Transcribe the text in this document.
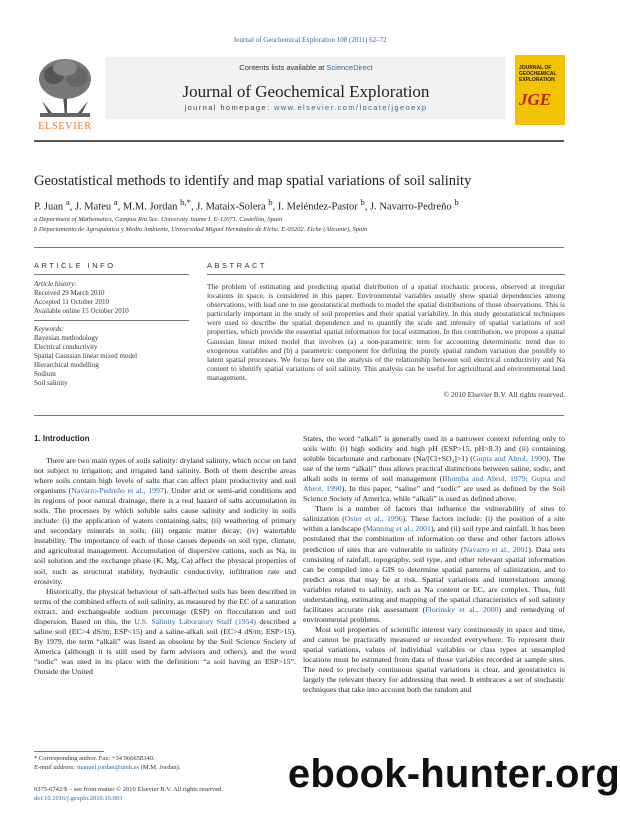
Journal of Geochemical Exploration 108 (2011) 62–72
ELSEVIER
Contents lists available at ScienceDirect
Journal of Geochemical Exploration
journal homepage: www.elsevier.com/locate/jgeoexp
JOURNAL OF GEOCHEMICAL EXPLORATION
JGE
Geostatistical methods to identify and map spatial variations of soil salinity
P. Juan $^a$, J. Mateu $^a$, M.M. Jordan $^{b,*}$, J. Mataix-Solera $^b$, I. Meléndez-Pastor $^b$, J. Navarro-Pedreño $^b$
a Department of Mathematics, Campus Riu Sec. University Jaume I. E-12071. Castellón, Spain
b Departamento de Agroquímica y Medio Ambiente, Universidad Miguel Hernández de Elche. E-03202. Elche (Alicante), Spain
ARTICLE INFO
Article history:
Received 29 March 2010
Accepted 11 October 2010
Available online 15 October 2010
Keywords:
Bayesian methodology
Electrical conductivity
Spatial Gaussian linear mixed model
Hierarchical modelling
Sodium
Soil salinity
ABSTRACT
The problem of estimating and predicting spatial distribution of a spatial stochastic process, observed at irregular locations in space, is considered in this paper. Environmental variables usually show spatial dependencies among observations, with lead one to use geostatistical methods to model the spatial distributions of those observations. This is particularly important in the study of soil properties and their spatial variability. In this study geostatistical techniques were used to describe the spatial dependence and to quantify the scale and intensity of spatial variations of soil properties, which provide the essential spatial information for local estimation. In this contribution, we propose a spatial Gaussian linear mixed model that involves (a) a non-parametric term for accounting deterministic trend due to exogenous variables and (b) a parametric component for defining the purely spatial random variation due possibly to latent spatial processes. We focus here on the analysis of the relationship between soil electrical conductivity and Na content to identify spatial variations of soil salinity. This analysis can be useful for agricultural and environmental land management.
© 2010 Elsevier B.V. All rights reserved.
1. Introduction

There are two main types of soils salinity: dryland salinity, which occur on land not subject to irrigation; and irrigated land salinity. Both of them describe areas where soils contain high levels of salts that can affect plant productivity and soil organisms (Navarro-Pedreño et al., 1997). Under arid or semi-arid conditions and in regions of poor natural drainage, there is a real hazard of salts accumulation in soils. The processes by which soluble salts cause salinity and sodicity in soils include: (i) the application of waters containing salts; (ii) weathering of primary and secondary minerals in soils; (iii) organic matter decay; (iv) watertable instability. The importance of each of those causes depends on soil type, climate, and agricultural management. Accumulation of dispersive cations, such as Na, in soil solution and the exchange phase (K, Mg, Ca) affect the physical properties of soil, such as structural stability, hydraulic conductivity, infiltration rate and erosivity.

Historically, the physical behaviour of salt-affected soils has been described in terms of the combined effects of soil salinity, as measured by the EC of a saturation extract, and exchangeable sodium percentage (ESP) on flocculation and soil dispersion. Based on this, the U.S. Salinity Laboratory Staff (1954) described a saline soil (EC>4 dS/m; ESP<15) and a saline-alkali soil (EC>4 dS/m; ESP>15). By 1979, the term “alkali” was listed as obsolete by the Soil Science Society of America (although it is still used by farm advisors and others), and the word “sodic” was used in its place with the definition: “a soil having an ESP>15”. Outside the United

States, the word “alkali” is generally used in a narrower context referring only to soils with: (i) high sodicity and high pH (ESP>15, pH>8.3) and (ii) containing soluble bicarbonate and carbonate (Na/[Cl+SO₄]>1) (Gupta and Abrol, 1990). The use of the term “alkali” thus allows practical distinctions between saline, sodic, and alkali soils in terms of soil management (Bhumba and Abrol, 1979; Gupta and Abrol, 1990). In this paper, “saline” and “sodic” are used as defined by the Soil Science Society of America, while “alkali” is used as defined above.

There is a number of factors that influence the vulnerability of sites to salinization (Oster et al., 1996). These factors include: (i) the position of a site within a landscape (Manning et al., 2001), and (ii) soil type and rainfall. It has been postulated that the combination of information on these and other factors allows prediction of sites that are vulnerable to salinity (Navarro et al., 2001). Data sets consisting of rainfall, topography, soil type, and other relevant spatial information can be compiled into a GIS to determine spatial patterns of salinization, and to predict areas that may be at risk. Spatial variations and interrelations among variables related to salinity, such as Na content or EC, are complex. Thus, full understanding, estimating and mapping of the spatial characteristics of soil salinity facilitates accurate risk assessment (Florinsky et al., 2000) and remedying of environmental problems.

Most soil properties of scientific interest vary continuously in space and time, and cannot be practically measured or recorded everywhere. To represent their spatial variations, values of individual variables or class types at unsampled locations must be estimated from data of those variables recorded at sample sites. The need to precisely continuous spatial variations is clear, and geostatistics is largely the relevant theory for addressing that need. It embraces a set of stochastic techniques that take into account both the random and

* Corresponding author. Fax: +34 966658340.
E-mail address: manuel.jordan@umh.es (M.M. Jordan).
0375-6742/$ – see front matter © 2010 Elsevier B.V. All rights reserved.
doi:10.1016/j.gexplo.2010.10.003
ebook-hunter.org
